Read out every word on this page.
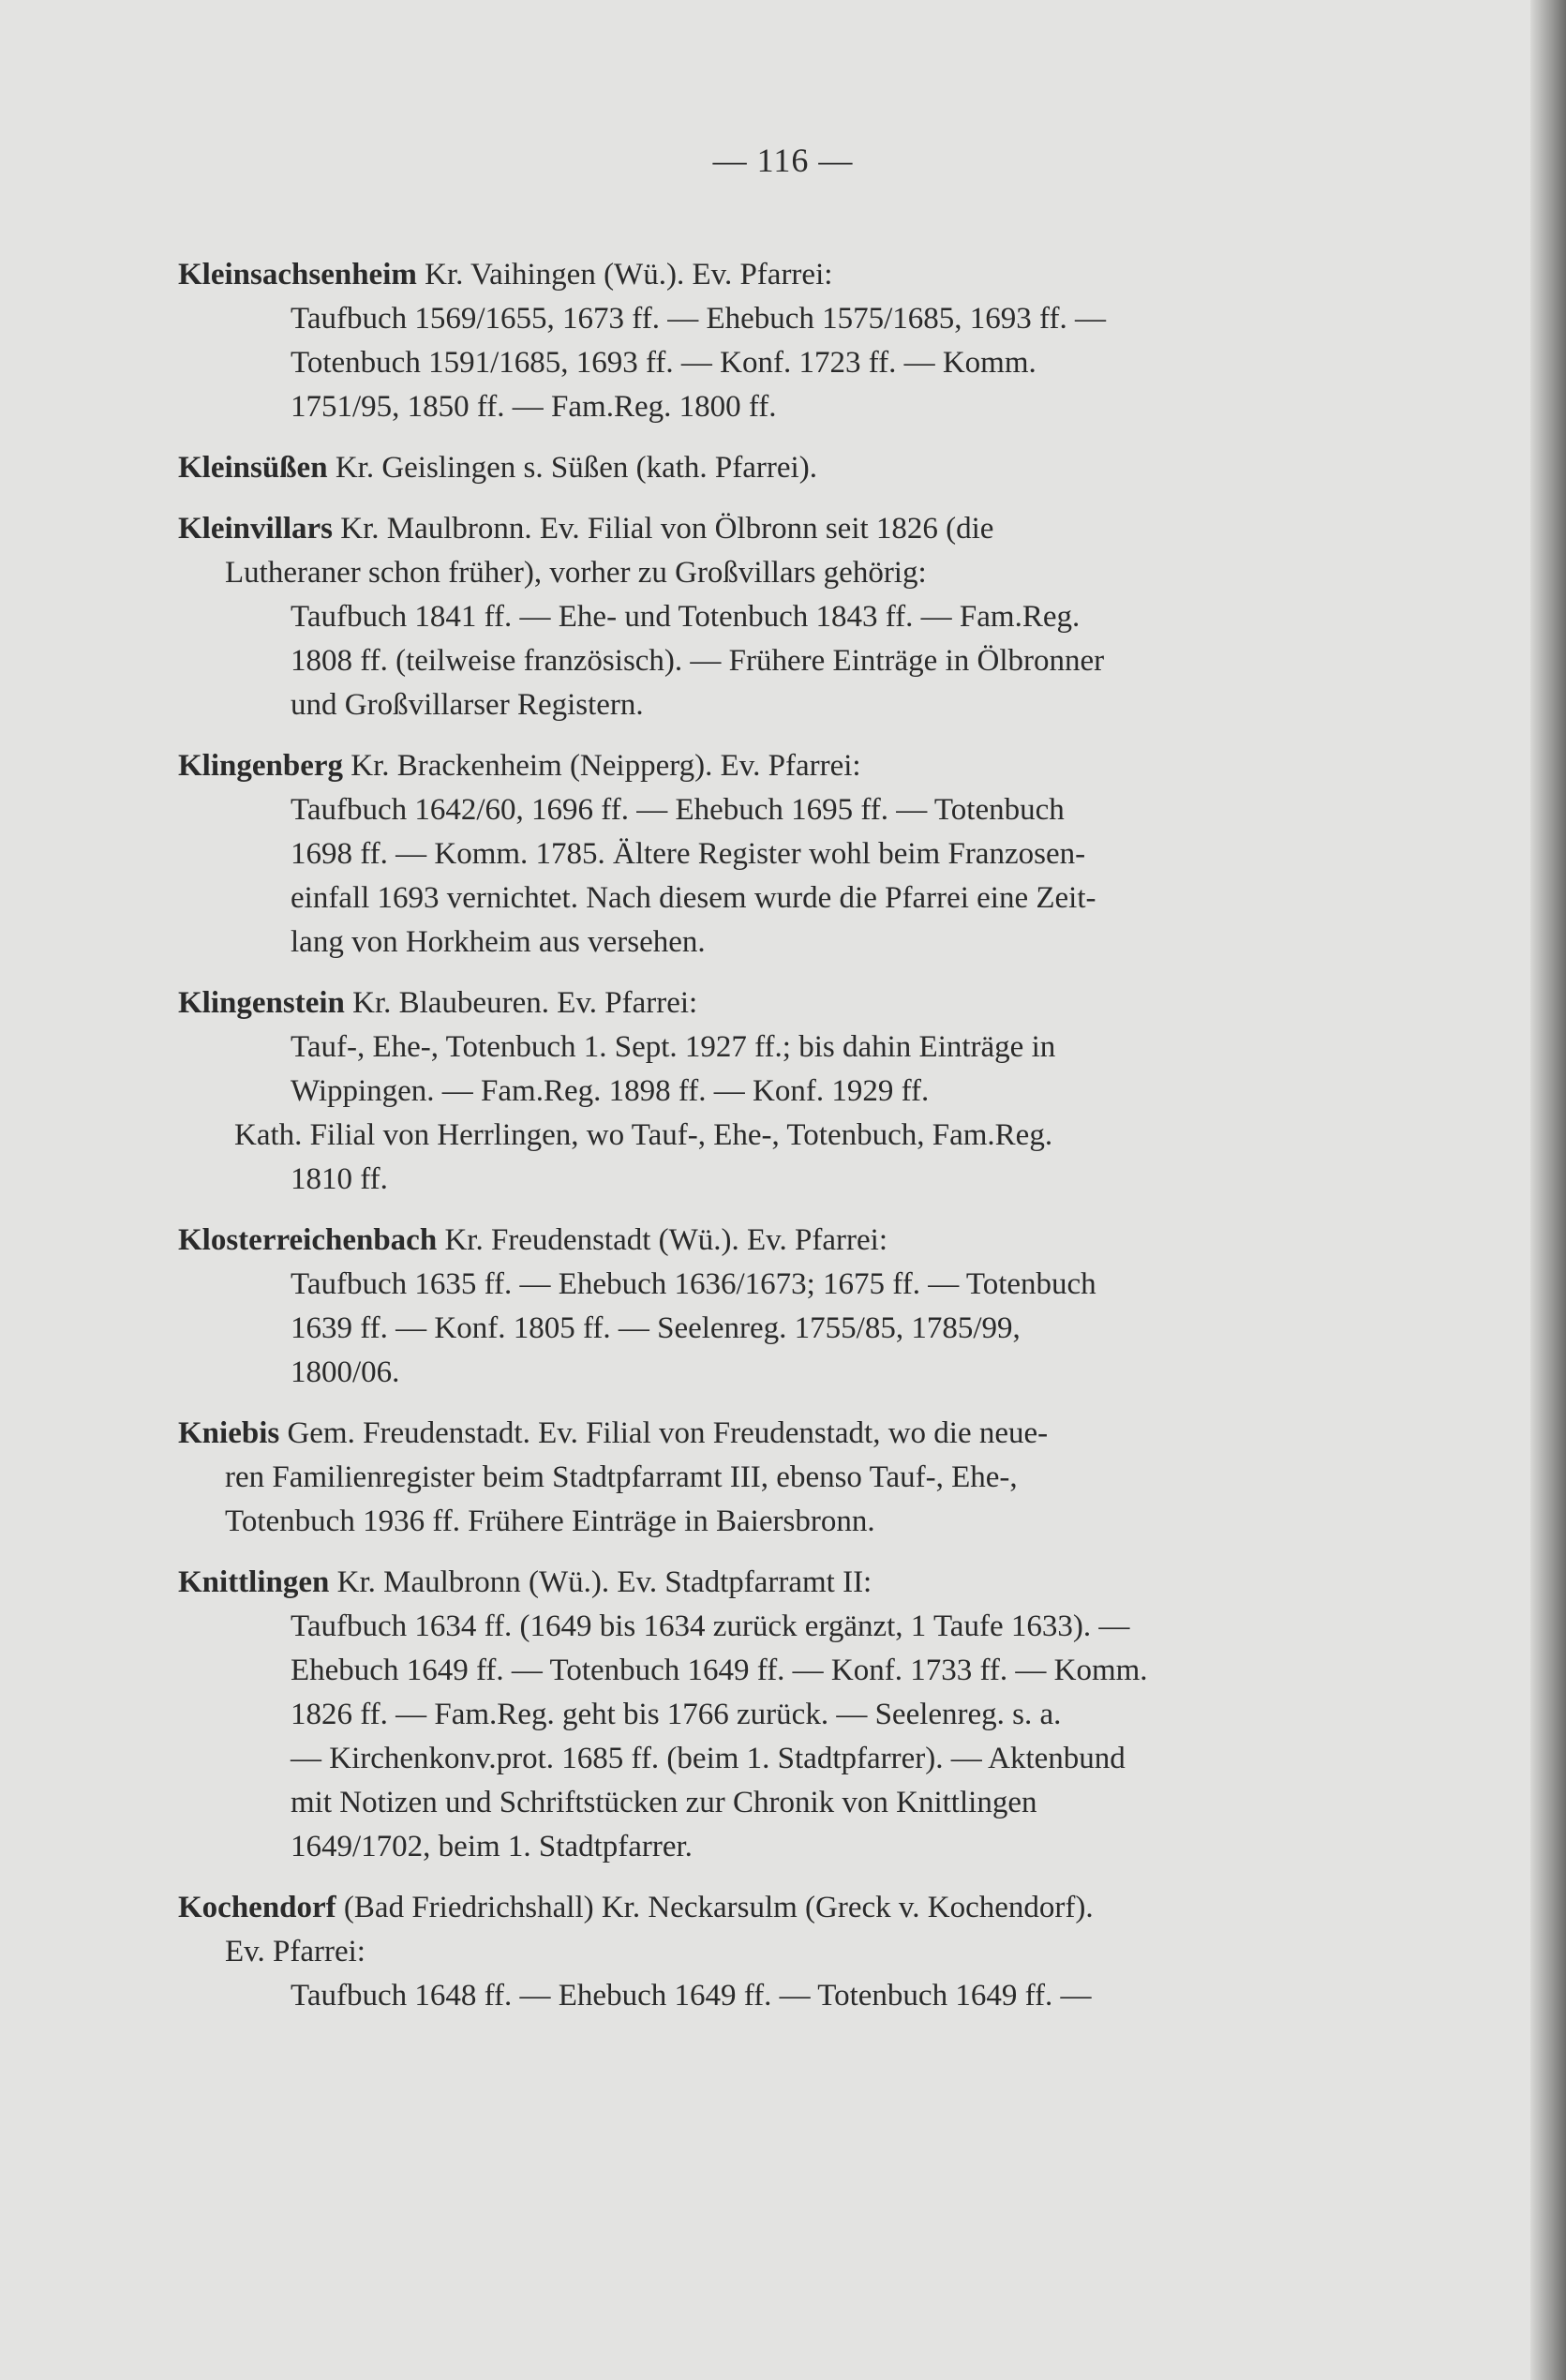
— 116 —
Kleinsachsenheim Kr. Vaihingen (Wü.). Ev. Pfarrei:
Taufbuch 1569/1655, 1673 ff. — Ehebuch 1575/1685, 1693 ff. —
Totenbuch 1591/1685, 1693 ff. — Konf. 1723 ff. — Komm.
1751/95, 1850 ff. — Fam.Reg. 1800 ff.
Kleinsüßen Kr. Geislingen s. Süßen (kath. Pfarrei).
Kleinvillars Kr. Maulbronn. Ev. Filial von Ölbronn seit 1826 (die
Lutheraner schon früher), vorher zu Großvillars gehörig:
Taufbuch 1841 ff. — Ehe- und Totenbuch 1843 ff. — Fam.Reg.
1808 ff. (teilweise französisch). — Frühere Einträge in Ölbronner
und Großvillarser Registern.
Klingenberg Kr. Brackenheim (Neipperg). Ev. Pfarrei:
Taufbuch 1642/60, 1696 ff. — Ehebuch 1695 ff. — Totenbuch
1698 ff. — Komm. 1785. Ältere Register wohl beim Franzosen-
einfall 1693 vernichtet. Nach diesem wurde die Pfarrei eine Zeit-
lang von Horkheim aus versehen.
Klingenstein Kr. Blaubeuren. Ev. Pfarrei:
Tauf-, Ehe-, Totenbuch 1. Sept. 1927 ff.; bis dahin Einträge in
Wippingen. — Fam.Reg. 1898 ff. — Konf. 1929 ff.
Kath. Filial von Herrlingen, wo Tauf-, Ehe-, Totenbuch, Fam.Reg.
1810 ff.
Klosterreichenbach Kr. Freudenstadt (Wü.). Ev. Pfarrei:
Taufbuch 1635 ff. — Ehebuch 1636/1673; 1675 ff. — Totenbuch
1639 ff. — Konf. 1805 ff. — Seelenreg. 1755/85, 1785/99,
1800/06.
Kniebis Gem. Freudenstadt. Ev. Filial von Freudenstadt, wo die neue-
ren Familienregister beim Stadtpfarramt III, ebenso Tauf-, Ehe-,
Totenbuch 1936 ff. Frühere Einträge in Baiersbronn.
Knittlingen Kr. Maulbronn (Wü.). Ev. Stadtpfarramt II:
Taufbuch 1634 ff. (1649 bis 1634 zurück ergänzt, 1 Taufe 1633). —
Ehebuch 1649 ff. — Totenbuch 1649 ff. — Konf. 1733 ff. — Komm.
1826 ff. — Fam.Reg. geht bis 1766 zurück. — Seelenreg. s. a.
— Kirchenkonv.prot. 1685 ff. (beim 1. Stadtpfarrer). — Aktenbund
mit Notizen und Schriftstücken zur Chronik von Knittlingen
1649/1702, beim 1. Stadtpfarrer.
Kochendorf (Bad Friedrichshall) Kr. Neckarsulm (Greck v. Kochendorf).
Ev. Pfarrei:
Taufbuch 1648 ff. — Ehebuch 1649 ff. — Totenbuch 1649 ff. —
